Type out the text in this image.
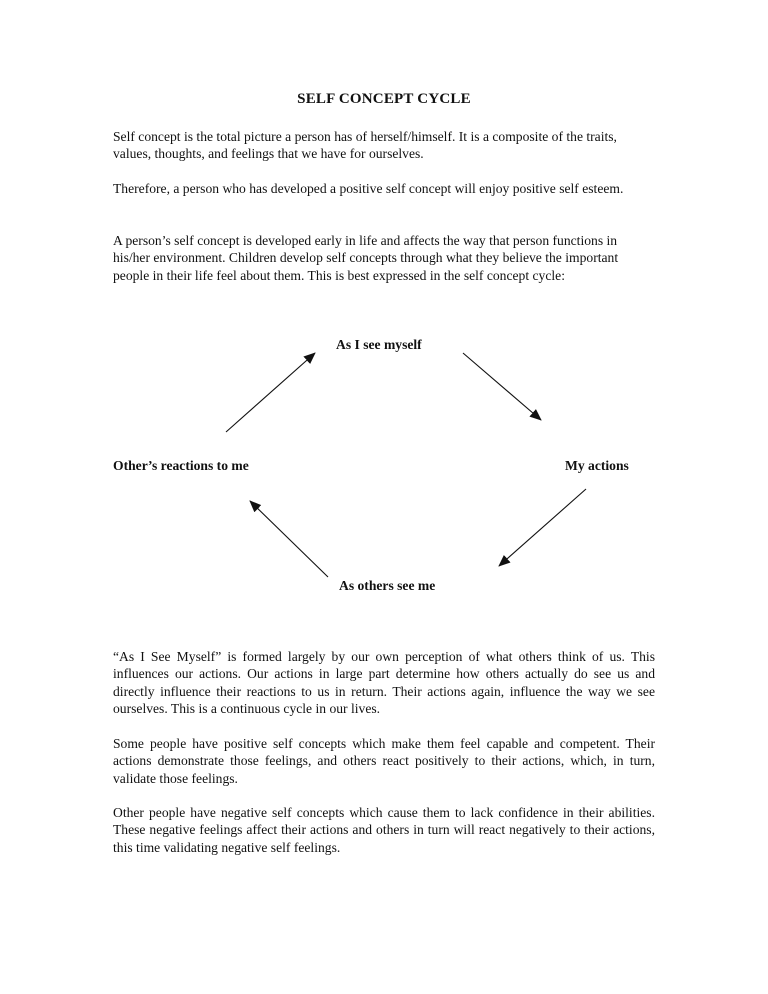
SELF CONCEPT CYCLE

Self concept is the total picture a person has of herself/himself. It is a composite of the traits, values, thoughts, and feelings that we have for ourselves.

Therefore, a person who has developed a positive self concept will enjoy positive self esteem.

A person’s self concept is developed early in life and affects the way that person functions in his/her environment. Children develop self concepts through what they believe the important people in their life feel about them. This is best expressed in the self concept cycle:

As I see myself
My actions
As others see me
Other’s reactions to me

“As I See Myself” is formed largely by our own perception of what others think of us. This influences our actions. Our actions in large part determine how others actually do see us and directly influence their reactions to us in return. Their actions again, influence the way we see ourselves. This is a continuous cycle in our lives.

Some people have positive self concepts which make them feel capable and competent. Their actions demonstrate those feelings, and others react positively to their actions, which, in turn, validate those feelings.

Other people have negative self concepts which cause them to lack confidence in their abilities. These negative feelings affect their actions and others in turn will react negatively to their actions, this time validating negative self feelings.
